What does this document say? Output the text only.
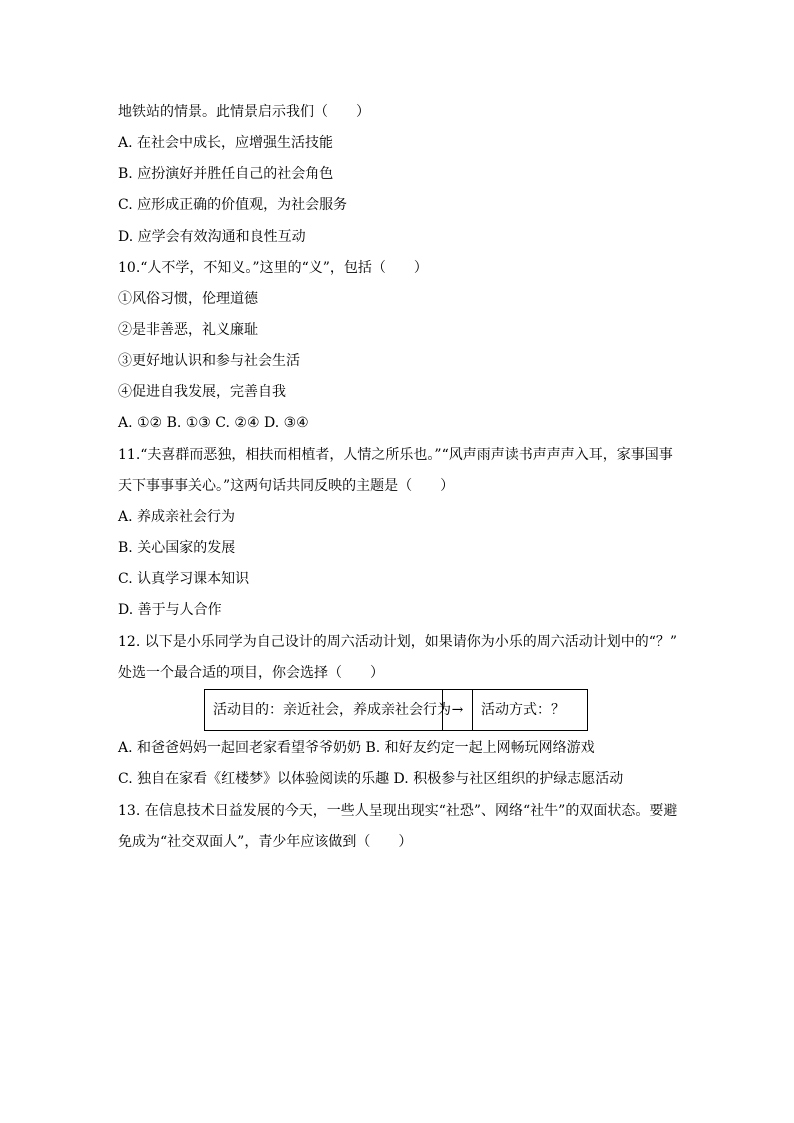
地铁站的情景。此情景启示我们（　　）
A. 在社会中成长，应增强生活技能
B. 应扮演好并胜任自己的社会角色
C. 应形成正确的价值观，为社会服务
D. 应学会有效沟通和良性互动
10.“人不学，不知义。”这里的“义”，包括（　　）
①风俗习惯，伦理道德
②是非善恶，礼义廉耻
③更好地认识和参与社会生活
④促进自我发展，完善自我
A. ①② B. ①③ C. ②④ D. ③④
11.“夫喜群而恶独，相扶而相植者，人情之所乐也。”“风声雨声读书声声声入耳，家事国事
天下事事事关心。”这两句话共同反映的主题是（　　）
A. 养成亲社会行为
B. 关心国家的发展
C. 认真学习课本知识
D. 善于与人合作
12. 以下是小乐同学为自己设计的周六活动计划，如果请你为小乐的周六活动计划中的“？”
处选一个最合适的项目，你会选择（　　）
活动目的：亲近社会，养成亲社会行为 →	活动方式：？
A. 和爸爸妈妈一起回老家看望爷爷奶奶 B. 和好友约定一起上网畅玩网络游戏
C. 独自在家看《红楼梦》以体验阅读的乐趣 D. 积极参与社区组织的护绿志愿活动
13. 在信息技术日益发展的今天，一些人呈现出现实“社恐”、网络“社牛”的双面状态。要避
免成为“社交双面人”，青少年应该做到（　　）
